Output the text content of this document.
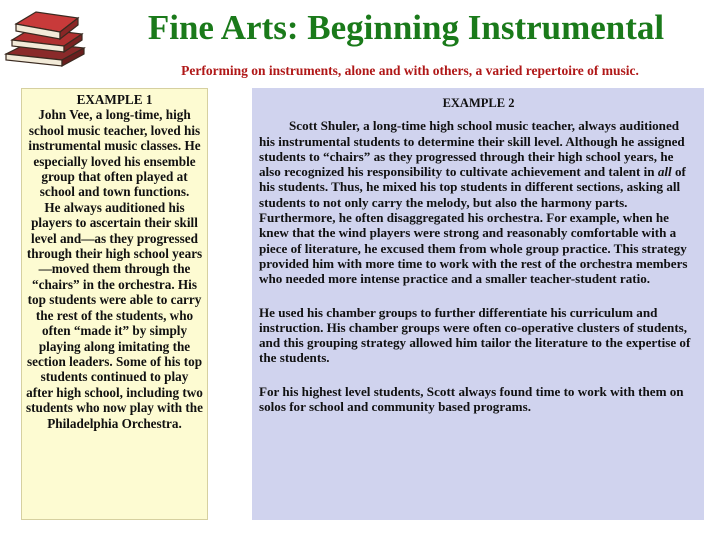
Fine Arts: Beginning Instrumental
Performing on instruments, alone and with others, a varied repertoire of music.
EXAMPLE 1

John Vee, a long-time, high school music teacher, loved his instrumental music classes. He especially loved his ensemble group that often played at school and town functions.

He always auditioned his players to ascertain their skill level and—as they progressed through their high school years—moved them through the “chairs” in the orchestra. His top students were able to carry the rest of the students, who often “made it” by simply playing along imitating the section leaders. Some of his top students continued to play after high school, including two students who now play with the Philadelphia Orchestra.

EXAMPLE 2

Scott Shuler, a long-time high school music teacher, always auditioned his instrumental students to determine their skill level. Although he assigned students to “chairs” as they progressed through their high school years, he also recognized his responsibility to cultivate achievement and talent in all of his students. Thus, he mixed his top students in different sections, asking all students to not only carry the melody, but also the harmony parts.

Furthermore, he often disaggregated his orchestra. For example, when he knew that the wind players were strong and reasonably comfortable with a piece of literature, he excused them from whole group practice. This strategy provided him with more time to work with the rest of the orchestra members who needed more intense practice and a smaller teacher-student ratio.

He used his chamber groups to further differentiate his curriculum and instruction. His chamber groups were often co-operative clusters of students, and this grouping strategy allowed him tailor the literature to the expertise of the students.

For his highest level students, Scott always found time to work with them on solos for school and community based programs.
